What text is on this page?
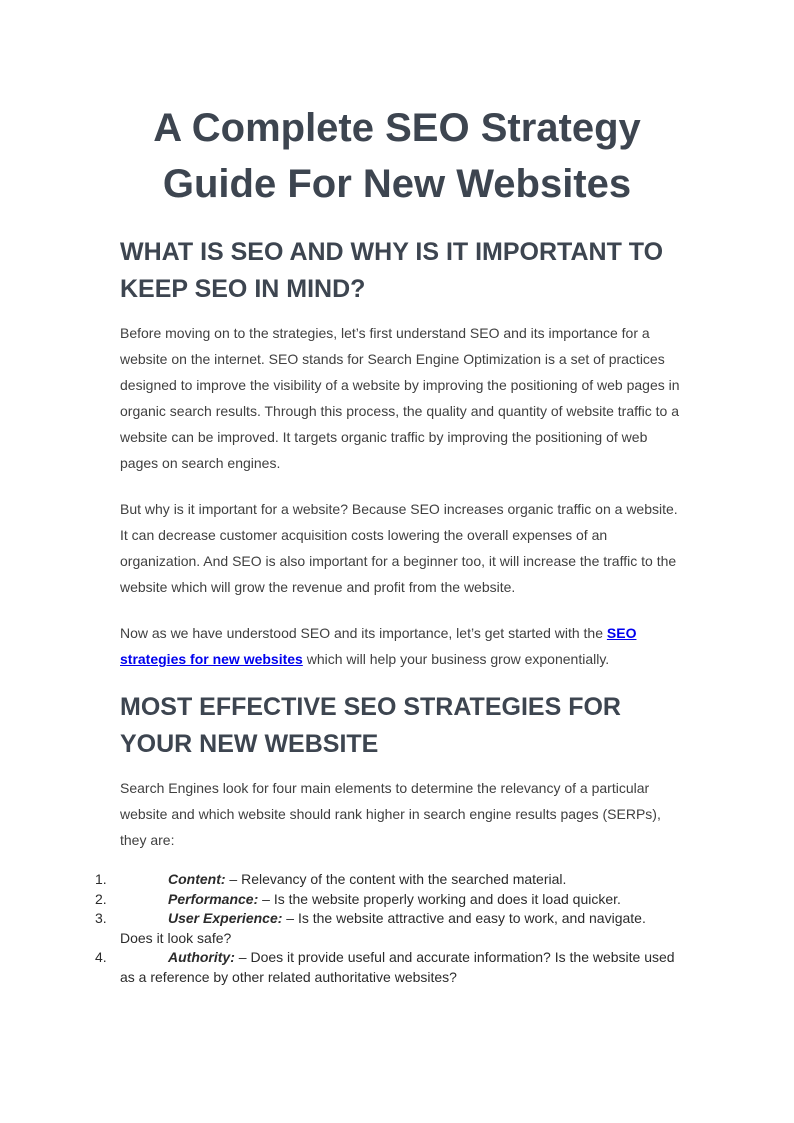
A Complete SEO Strategy Guide For New Websites
WHAT IS SEO AND WHY IS IT IMPORTANT TO KEEP SEO IN MIND?

Before moving on to the strategies, let’s first understand SEO and its importance for a website on the internet. SEO stands for Search Engine Optimization is a set of practices designed to improve the visibility of a website by improving the positioning of web pages in organic search results. Through this process, the quality and quantity of website traffic to a website can be improved. It targets organic traffic by improving the positioning of web pages on search engines.

But why is it important for a website? Because SEO increases organic traffic on a website. It can decrease customer acquisition costs lowering the overall expenses of an organization. And SEO is also important for a beginner too, it will increase the traffic to the website which will grow the revenue and profit from the website.

Now as we have understood SEO and its importance, let’s get started with the SEO strategies for new websites which will help your business grow exponentially.

MOST EFFECTIVE SEO STRATEGIES FOR YOUR NEW WEBSITE

Search Engines look for four main elements to determine the relevancy of a particular website and which website should rank higher in search engine results pages (SERPs), they are:

1.	Content: – Relevancy of the content with the searched material.
2.	Performance: – Is the website properly working and does it load quicker.
3.	User Experience: – Is the website attractive and easy to work, and navigate. Does it look safe?
4.	Authority: – Does it provide useful and accurate information? Is the website used as a reference by other related authoritative websites?
